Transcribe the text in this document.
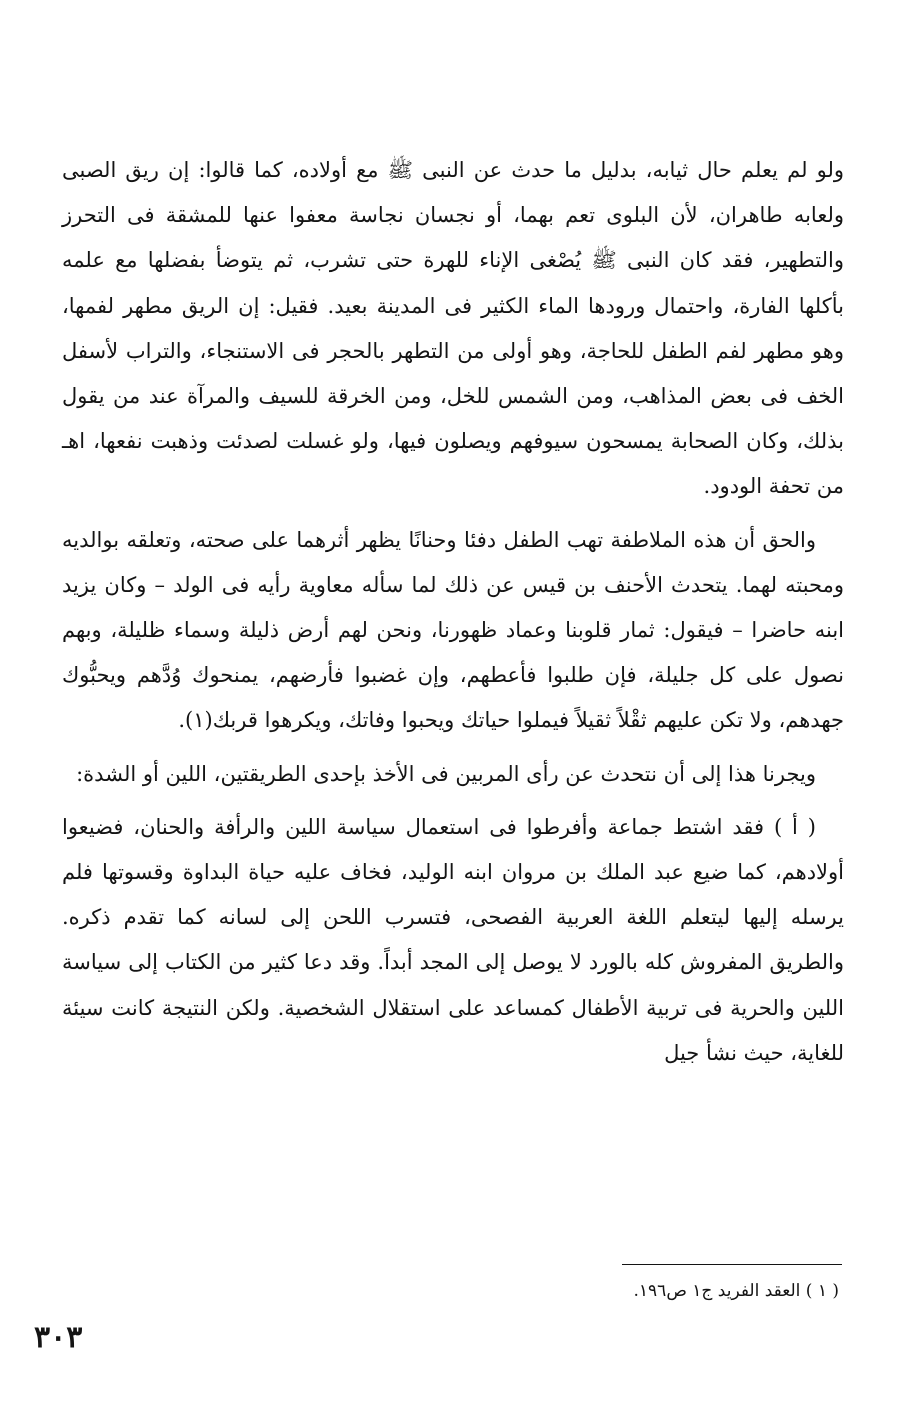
ولو لم يعلم حال ثيابه، بدليل ما حدث عن النبى ﷺ مع أولاده، كما قالوا: إن ريق الصبى ولعابه طاهران، لأن البلوى تعم بهما، أو نجسان نجاسة معفوا عنها للمشقة فى التحرز والتطهير، فقد كان النبى ﷺ يُصْغى الإناء للهرة حتى تشرب، ثم يتوضأ بفضلها مع علمه بأكلها الفارة، واحتمال ورودها الماء الكثير فى المدينة بعيد. فقيل: إن الريق مطهر لفمها، وهو مطهر لفم الطفل للحاجة، وهو أولى من التطهر بالحجر فى الاستنجاء، والتراب لأسفل الخف فى بعض المذاهب، ومن الشمس للخل، ومن الخرقة للسيف والمرآة عند من يقول بذلك، وكان الصحابة يمسحون سيوفهم ويصلون فيها، ولو غسلت لصدئت وذهبت نفعها، اهـ من تحفة الودود.

والحق أن هذه الملاطفة تهب الطفل دفئا وحنانًا يظهر أثرهما على صحته، وتعلقه بوالديه ومحبته لهما. يتحدث الأحنف بن قيس عن ذلك لما سأله معاوية رأيه فى الولد – وكان يزيد ابنه حاضرا – فيقول: ثمار قلوبنا وعماد ظهورنا، ونحن لهم أرض ذليلة وسماء ظليلة، وبهم نصول على كل جليلة، فإن طلبوا فأعطهم، وإن غضبوا فأرضهم، يمنحوك وُدَّهم ويحبُّوك جهدهم، ولا تكن عليهم ثقْلاً ثقيلاً فيملوا حياتك ويحبوا وفاتك، ويكرهوا قربك(١).

ويجرنا هذا إلى أن نتحدث عن رأى المربين فى الأخذ بإحدى الطريقتين، اللين أو الشدة:

( أ ) فقد اشتط جماعة وأفرطوا فى استعمال سياسة اللين والرأفة والحنان، فضيعوا أولادهم، كما ضيع عبد الملك بن مروان ابنه الوليد، فخاف عليه حياة البداوة وقسوتها فلم يرسله إليها ليتعلم اللغة العربية الفصحى، فتسرب اللحن إلى لسانه كما تقدم ذكره. والطريق المفروش كله بالورد لا يوصل إلى المجد أبداً. وقد دعا كثير من الكتاب إلى سياسة اللين والحرية فى تربية الأطفال كمساعد على استقلال الشخصية. ولكن النتيجة كانت سيئة للغاية، حيث نشأ جيل

( ١ ) العقد الفريد ج١ ص١٩٦.
٣٠٣
